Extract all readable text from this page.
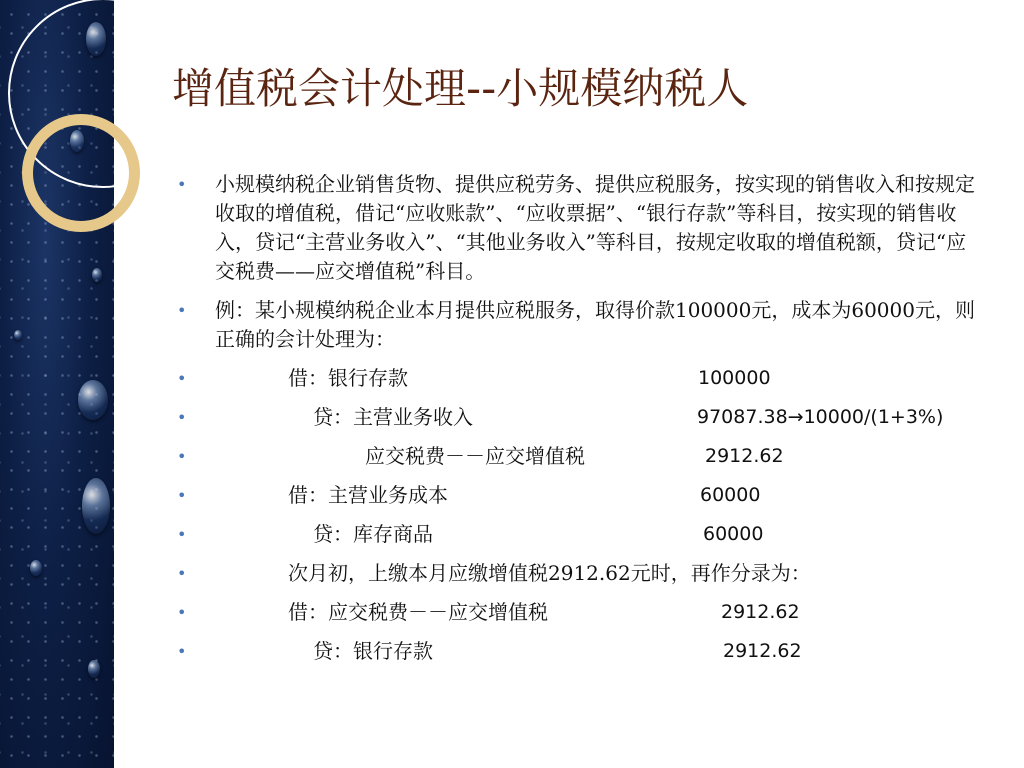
增值税会计处理--小规模纳税人
• 小规模纳税企业销售货物、提供应税劳务、提供应税服务，按实现的销售收入和按规定收取的增值税，借记“应收账款”、“应收票据”、“银行存款”等科目，按实现的销售收入，贷记“主营业务收入”、“其他业务收入”等科目，按规定收取的增值税额，贷记“应交税费——应交增值税”科目。
• 例：某小规模纳税企业本月提供应税服务，取得价款100000元，成本为60000元，则正确的会计处理为：
•	借：银行存款	100000
•	贷：主营业务收入	97087.38→10000/(1+3%)
•	应交税费－－应交增值税	2912.62
•	借：主营业务成本	60000
•	贷：库存商品	60000
•	次月初，上缴本月应缴增值税2912.62元时，再作分录为：
•	借：应交税费－－应交增值税	2912.62
•	贷：银行存款	2912.62
